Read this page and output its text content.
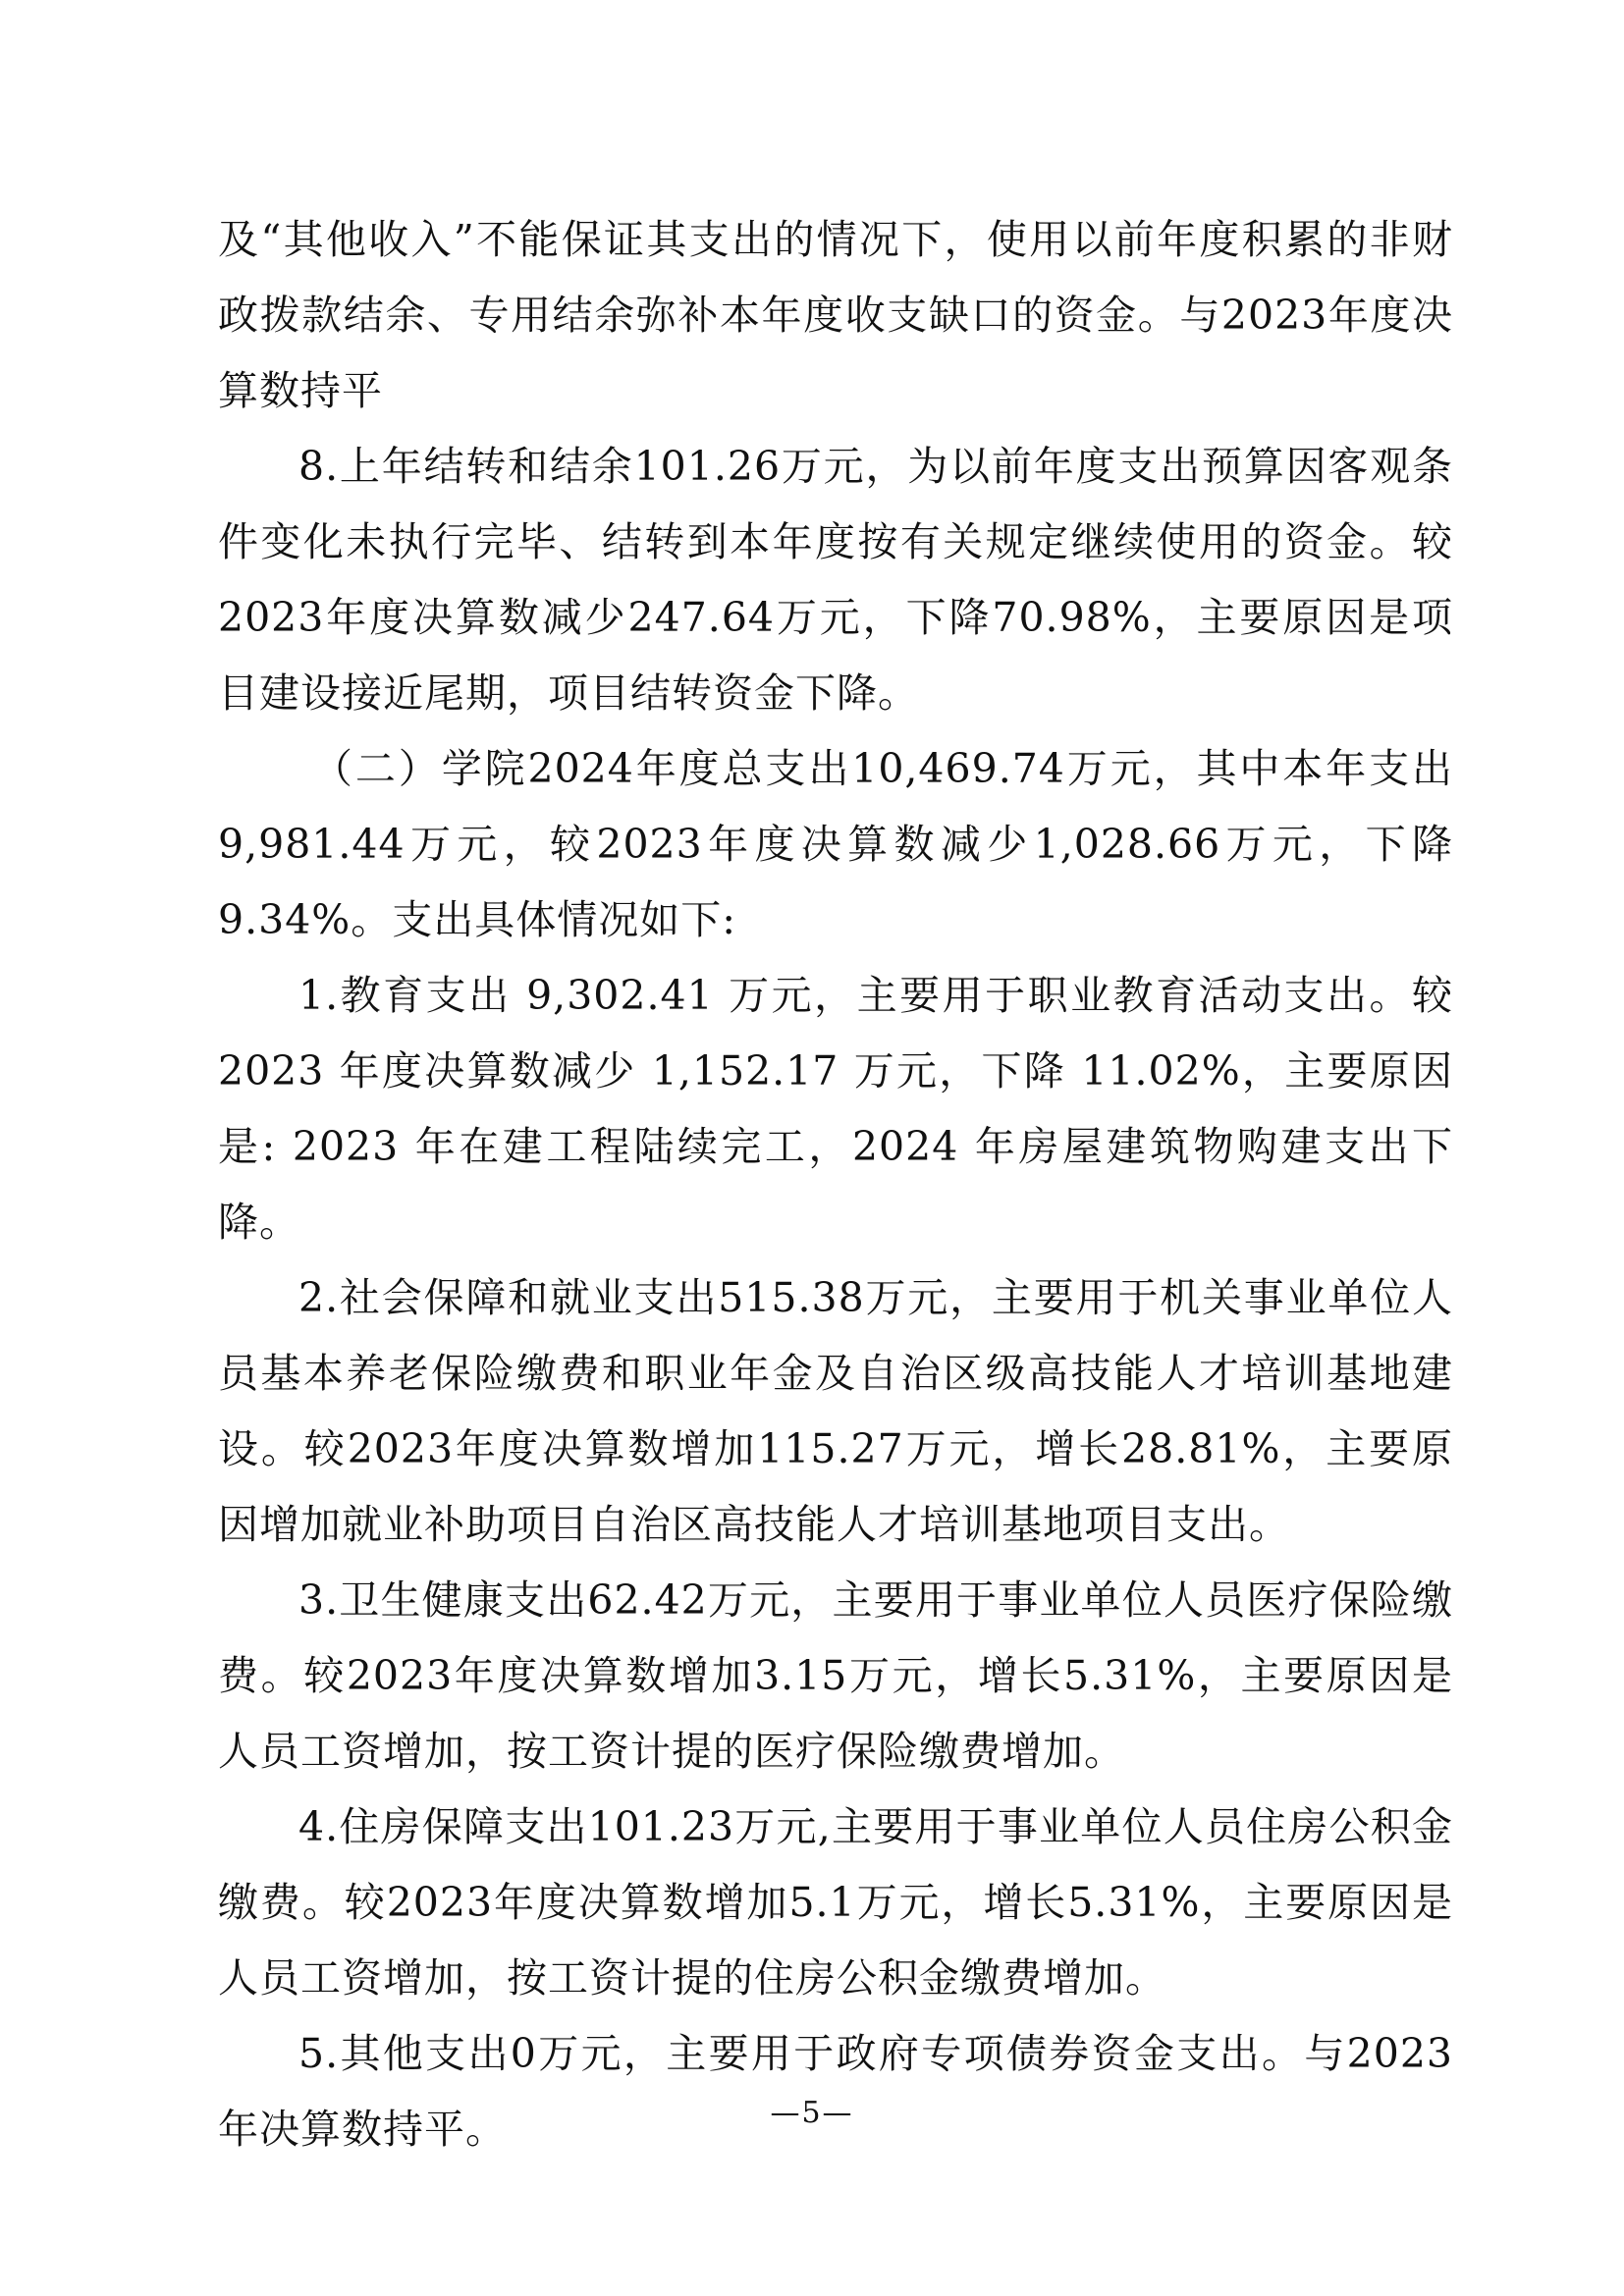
及“其他收入”不能保证其支出的情况下，使用以前年度积累的非财政拨款结余、专用结余弥补本年度收支缺口的资金。与2023年度决算数持平

8.上年结转和结余101.26万元，为以前年度支出预算因客观条件变化未执行完毕、结转到本年度按有关规定继续使用的资金。较2023年度决算数减少247.64万元，下降70.98%，主要原因是项目建设接近尾期，项目结转资金下降。

（二）学院2024年度总支出10,469.74万元，其中本年支出9,981.44万元，较2023年度决算数减少1,028.66万元，下降9.34%。支出具体情况如下:

1.教育支出 9,302.41 万元，主要用于职业教育活动支出。较 2023 年度决算数减少 1,152.17 万元，下降 11.02%，主要原因是: 2023 年在建工程陆续完工，2024 年房屋建筑物购建支出下降。

2.社会保障和就业支出515.38万元，主要用于机关事业单位人员基本养老保险缴费和职业年金及自治区级高技能人才培训基地建设。较2023年度决算数增加115.27万元，增长28.81%，主要原因增加就业补助项目自治区高技能人才培训基地项目支出。

3.卫生健康支出62.42万元，主要用于事业单位人员医疗保险缴费。较2023年度决算数增加3.15万元，增长5.31%，主要原因是人员工资增加，按工资计提的医疗保险缴费增加。

4.住房保障支出101.23万元,主要用于事业单位人员住房公积金缴费。较2023年度决算数增加5.1万元，增长5.31%，主要原因是人员工资增加，按工资计提的住房公积金缴费增加。

5.其他支出0万元，主要用于政府专项债券资金支出。与2023年决算数持平。	—5—
